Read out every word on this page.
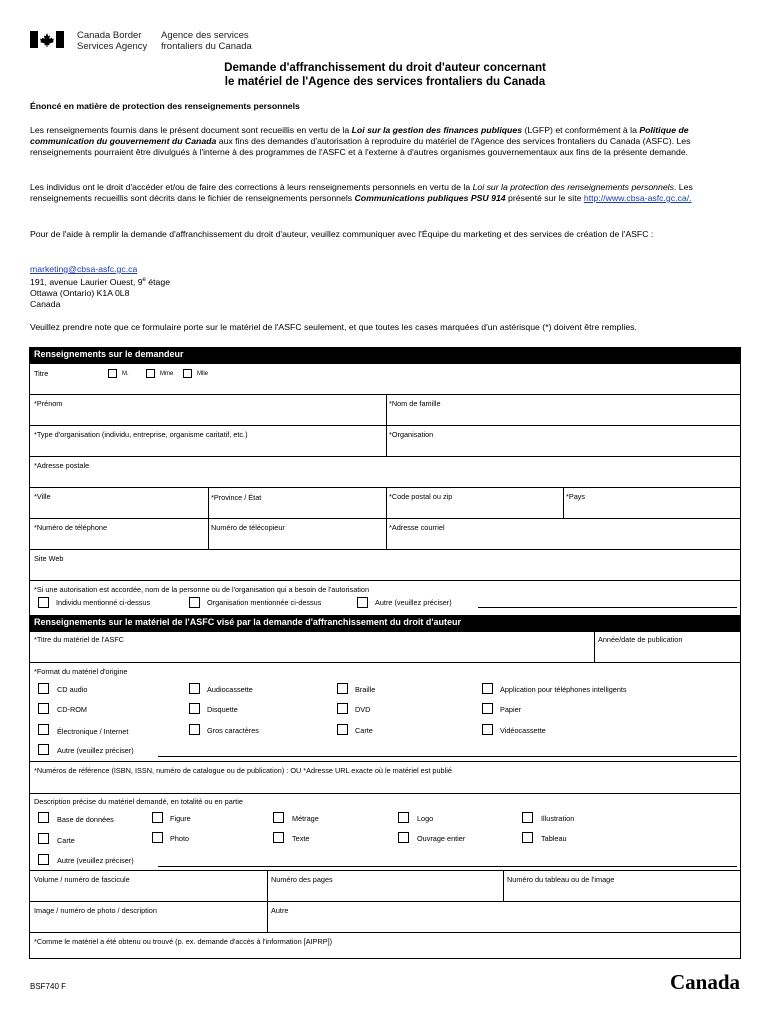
Canada Border
Services Agency
Agence des services
frontaliers du Canada
Demande d'affranchissement du droit d'auteur concernant
le matériel de l'Agence des services frontaliers du Canada
Énoncé en matière de protection des renseignements personnels
Les renseignements fournis dans le présent document sont recueillis en vertu de la Loi sur la gestion des finances publiques (LGFP) et conformément à la Politique de communication du gouvernement du Canada aux fins des demandes d'autorisation à reproduire du matériel de l'Agence des services frontaliers du Canada (ASFC). Les renseignements pourraient être divulgués à l'interne à des programmes de l'ASFC et à l'externe à d'autres organismes gouvernementaux aux fins de la présente demande.
Les individus ont le droit d'accéder et/ou de faire des corrections à leurs renseignements personnels en vertu de la Loi sur la protection des renseignements personnels. Les renseignements recueillis sont décrits dans le fichier de renseignements personnels Communications publiques PSU 914 présenté sur le site http://www.cbsa-asfc.gc.ca/.
Pour de l'aide à remplir la demande d'affranchissement du droit d'auteur, veuillez communiquer avec l'Équipe du marketing et des services de création de l'ASFC :
marketing@cbsa-asfc.gc.ca
191, avenue Laurier Ouest, 9e étage
Ottawa (Ontario) K1A 0L8
Canada
Veuillez prendre note que ce formulaire porte sur le matériel de l'ASFC seulement, et que toutes les cases marquées d'un astérisque (*) doivent être remplies.
Renseignements sur le demandeur
Titre	M.	Mme	Mlle
*Prénom	*Nom de famille
*Type d'organisation (individu, entreprise, organisme caritatif, etc.)	*Organisation
*Adresse postale
*Ville	*Province / État	*Code postal ou zip	*Pays
*Numéro de téléphone	Numéro de télécopieur	*Adresse courriel
Site Web
*Si une autorisation est accordée, nom de la personne ou de l'organisation qui a besoin de l'autorisation
Individu mentionné ci-dessus	Organisation mentionnée ci-dessus	Autre (veuillez préciser)
Renseignements sur le matériel de l'ASFC visé par la demande d'affranchissement du droit d'auteur
*Titre du matériel de l'ASFC	Année/date de publication
*Format du matériel d'origine
CD audio	Audiocassette	Braille	Application pour téléphones intelligents
CD-ROM	Disquette	DVD	Papier
Électronique / Internet	Gros caractères	Carte	Vidéocassette
Autre (veuillez préciser)
*Numéros de référence (ISBN, ISSN, numéro de catalogue ou de publication) : OU *Adresse URL exacte où le matériel est publié
Description précise du matériel demandé, en totalité ou en partie
Base de données	Figure	Métrage	Logo	Illustration
Carte	Photo	Texte	Ouvrage entier	Tableau
Autre (veuillez préciser)
Volume / numéro de fascicule	Numéro des pages	Numéro du tableau ou de l'image
Image / numéro de photo / description	Autre
*Comme le matériel a été obtenu ou trouvé (p. ex. demande d'accès à l'information [AIPRP])
BSF740 F	Canada
